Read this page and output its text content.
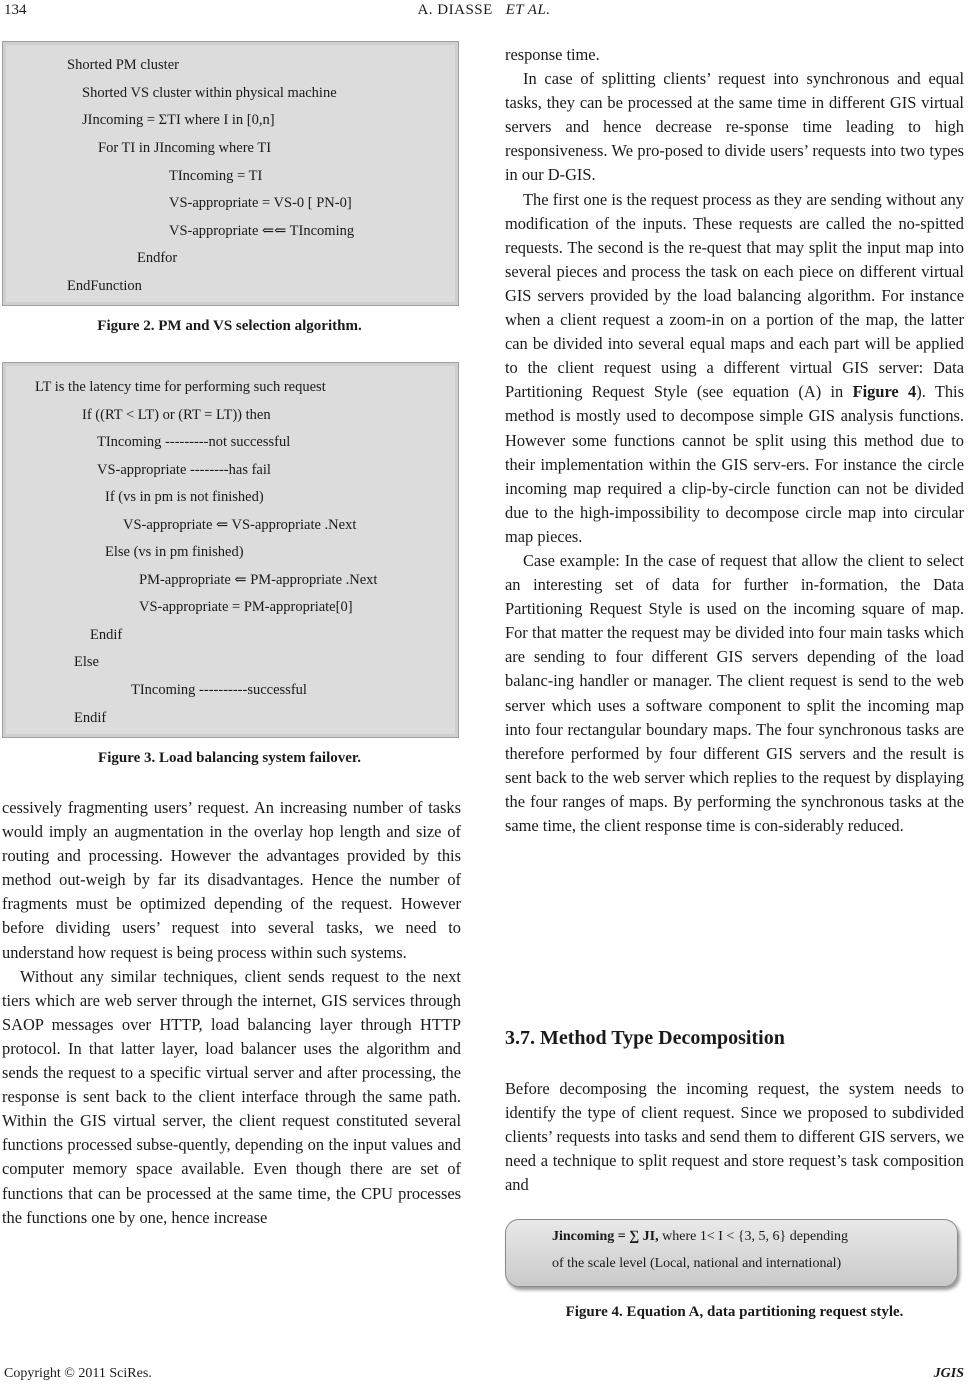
134	A. DIASSE ET AL.
Shorted PM cluster
Shorted VS cluster within physical machine
JIncoming = ΣTI where I in [0,n]
For TI in JIncoming where TI
TIncoming = TI
VS-appropriate = VS-0 [ PN-0]
VS-appropriate ⇐⇐ TIncoming
Endfor
EndFunction
Figure 2. PM and VS selection algorithm.
LT is the latency time for performing such request
If ((RT < LT) or (RT = LT)) then
TIncoming ---------not successful
VS-appropriate --------has fail
If (vs in pm is not finished)
VS-appropriate ⇐ VS-appropriate .Next
Else (vs in pm finished)
PM-appropriate ⇐ PM-appropriate .Next
VS-appropriate = PM-appropriate[0]
Endif
Else
TIncoming ----------successful
Endif
Figure 3. Load balancing system failover.

cessively fragmenting users’ request. An increasing number of tasks would imply an augmentation in the overlay hop length and size of routing and processing. However the advantages provided by this method out-weigh by far its disadvantages. Hence the number of fragments must be optimized depending of the request. However before dividing users’ request into several tasks, we need to understand how request is being process within such systems.

Without any similar techniques, client sends request to the next tiers which are web server through the internet, GIS services through SAOP messages over HTTP, load balancing layer through HTTP protocol. In that latter layer, load balancer uses the algorithm and sends the request to a specific virtual server and after processing, the response is sent back to the client interface through the same path. Within the GIS virtual server, the client request constituted several functions processed subse-quently, depending on the input values and computer memory space available. Even though there are set of functions that can be processed at the same time, the CPU processes the functions one by one, hence increase

response time.

In case of splitting clients’ request into synchronous and equal tasks, they can be processed at the same time in different GIS virtual servers and hence decrease re-sponse time leading to high responsiveness. We pro-posed to divide users’ requests into two types in our D-GIS.

The first one is the request process as they are sending without any modification of the inputs. These requests are called the no-spitted requests. The second is the re-quest that may split the input map into several pieces and process the task on each piece on different virtual GIS servers provided by the load balancing algorithm. For instance when a client request a zoom-in on a portion of the map, the latter can be divided into several equal maps and each part will be applied to the client request using a different virtual GIS server: Data Partitioning Request Style (see equation (A) in Figure 4). This method is mostly used to decompose simple GIS analysis functions. However some functions cannot be split using this method due to their implementation within the GIS serv-ers. For instance the circle incoming map required a clip-by-circle function can not be divided due to the high-impossibility to decompose circle map into circular map pieces.

Case example: In the case of request that allow the client to select an interesting set of data for further in-formation, the Data Partitioning Request Style is used on the incoming square of map. For that matter the request may be divided into four main tasks which are sending to four different GIS servers depending of the load balanc-ing handler or manager. The client request is send to the web server which uses a software component to split the incoming map into four rectangular boundary maps. The four synchronous tasks are therefore performed by four different GIS servers and the result is sent back to the web server which replies to the request by displaying the four ranges of maps. By performing the synchronous tasks at the same time, the client response time is con-siderably reduced.

3.7. Method Type Decomposition

Before decomposing the incoming request, the system needs to identify the type of client request. Since we proposed to subdivided clients’ requests into tasks and send them to different GIS servers, we need a technique to split request and store request’s task composition and

Jincoming = ∑ JI, where 1< I < {3, 5, 6} depending
of the scale level (Local, national and international)
Figure 4. Equation A, data partitioning request style.
Copyright © 2011 SciRes.	JGIS
